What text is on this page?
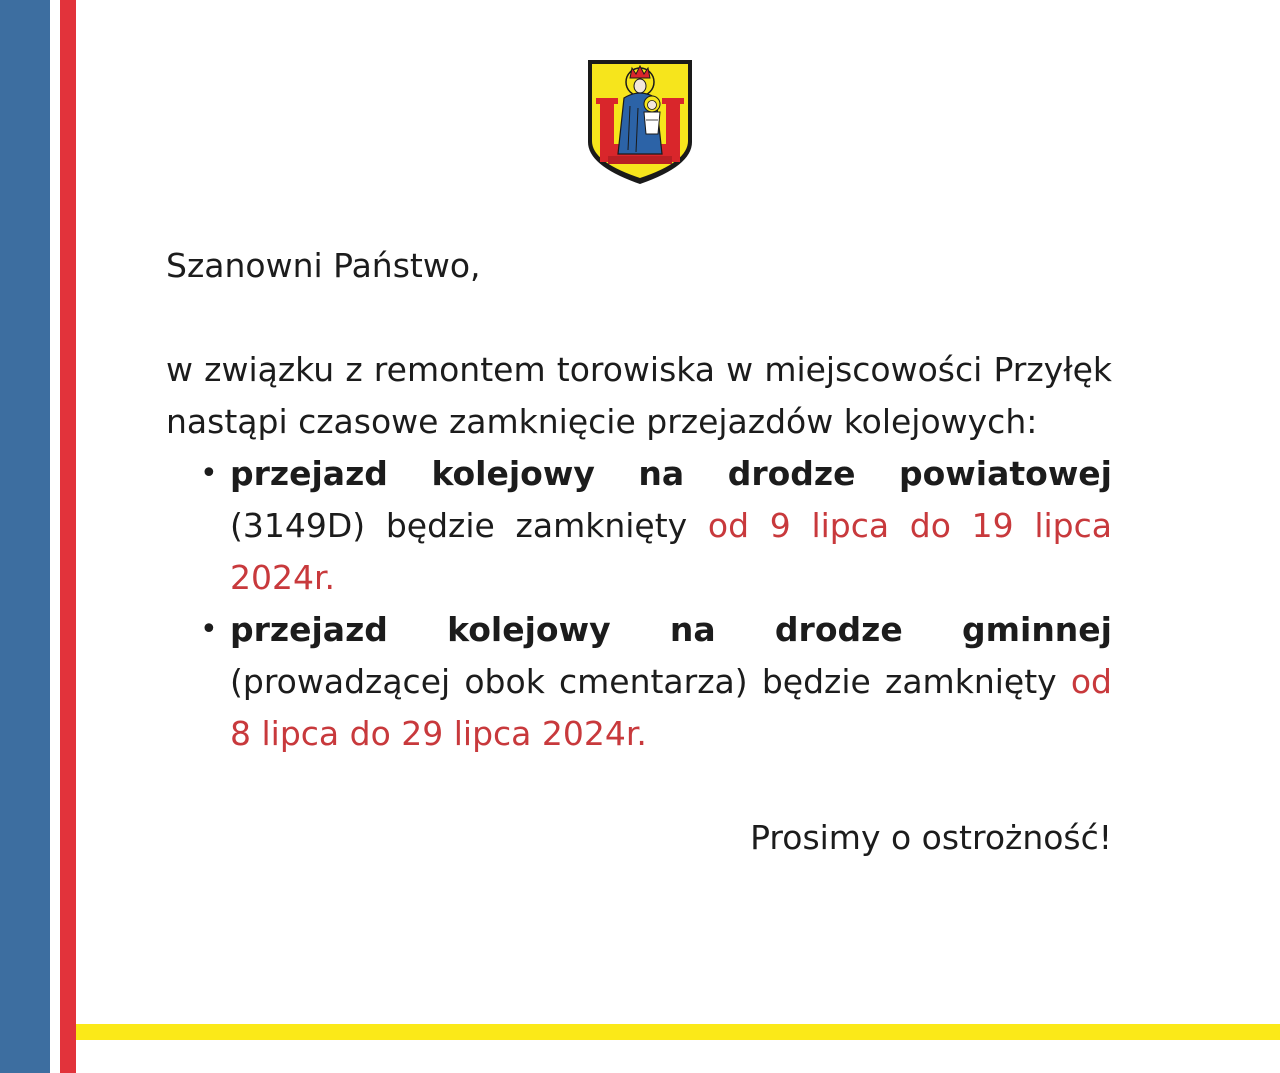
Szanowni Państwo,

w związku z remontem torowiska w miejscowości Przyłęk nastąpi czasowe zamknięcie przejazdów kolejowych:

• przejazd kolejowy na drodze powiatowej (3149D) będzie zamknięty od 9 lipca do 19 lipca 2024r.
• przejazd kolejowy na drodze gminnej (prowadzącej obok cmentarza) będzie zamknięty od 8 lipca do 29 lipca 2024r.

Prosimy o ostrożność!
